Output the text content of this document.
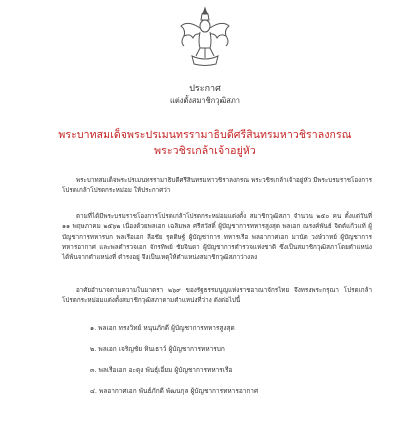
ประกาศ
แต่งตั้งสมาชิกวุฒิสภา
พระบาทสมเด็จพระปรเมนทรรามาธิบดีศรีสินทรมหาวชิราลงกรณ
พระวชิรเกล้าเจ้าอยู่หัว

พระบาทสมเด็จพระปรเมนทรรามาธิบดีศรีสินทรมหาวชิราลงกรณ พระวชิรเกล้าเจ้าอยู่หัว มีพระบรมราชโองการโปรดเกล้าโปรดกระหม่อม ให้ประกาศว่า

ตามที่ได้มีพระบรมราชโองการโปรดเกล้าโปรดกระหม่อมแต่งตั้ง สมาชิกวุฒิสภา จำนวน ๒๕๐ คน ตั้งแต่วันที่ ๑๑ พฤษภาคม ๒๕๖๒ เนื่องด้วยพลเอก เฉลิมพล ศรีสวัสดิ์ ผู้บัญชาการทหารสูงสุด พลเอก ณรงค์พันธ์ จิตต์แก้วแท้ ผู้บัญชาการทหารบก พลเรือเอก ลือชัย รุดดิษฐ์ ผู้บัญชาการ ทหารเรือ พลอากาศเอก มานัต วงษ์วาทย์ ผู้บัญชาการทหารอากาศ และพลตำรวจเอก จักรทิพย์ ชัยจินดา ผู้บัญชาการตำรวจแห่งชาติ ซึ่งเป็นสมาชิกวุฒิสภาโดยตำแหน่ง ได้พ้นจากตำแหน่งที่ ดำรงอยู่ จึงเป็นเหตุให้ตำแหน่งสมาชิกวุฒิสภาว่างลง

อาศัยอำนาจตามความในมาตรา ๒๖๙ ของรัฐธรรมนูญแห่งราชอาณาจักรไทย จึงทรงพระกรุณา โปรดเกล้าโปรดกระหม่อมแต่งตั้งสมาชิกวุฒิสภาตามตำแหน่งที่ว่าง ดังต่อไปนี้

๑. พลเอก ทรงวิทย์ หนุนภักดี ผู้บัญชาการทหารสูงสุด
๒. พลเอก เจริญชัย หินเธาว์ ผู้บัญชาการทหารบก
๓. พลเรือเอก อะดุง พันธุ์เอี่ยม ผู้บัญชาการทหารเรือ
๔. พลอากาศเอก พันธ์ภักดี พัฒนกุล ผู้บัญชาการทหารอากาศ
